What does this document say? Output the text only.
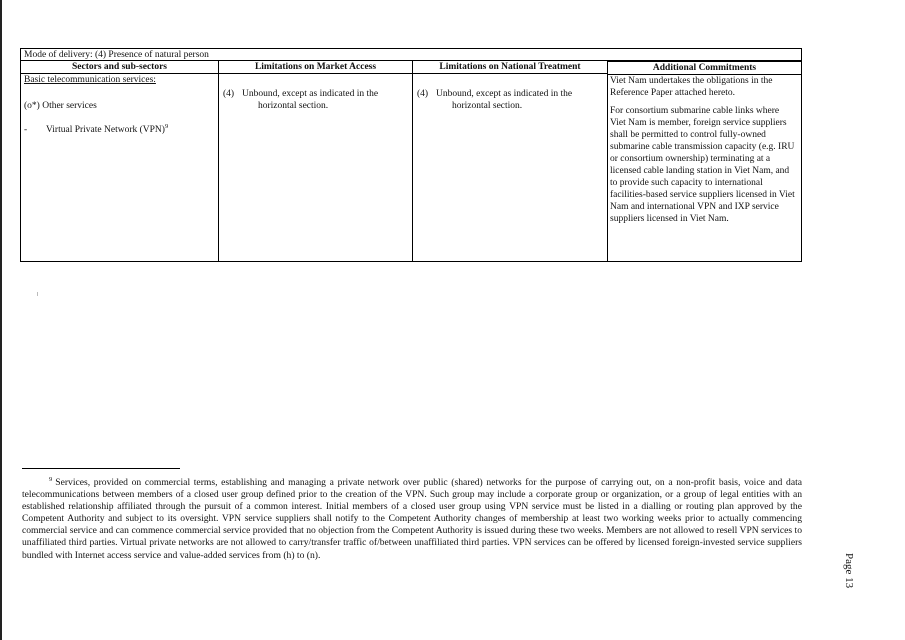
Mode of delivery: (4) Presence of natural person
Sectors and sub-sectors
Basic telecommunication services:
(o*) Other services
- Virtual Private Network (VPN)$^9$
Limitations on Market Access
(4) Unbound, except as indicated in the
horizontal section.
Limitations on National Treatment
(4) Unbound, except as indicated in the
horizontal section.
Additional Commitments

Viet Nam undertakes the obligations in the Reference Paper attached hereto.

For consortium submarine cable links where Viet Nam is member, foreign service suppliers shall be permitted to control fully-owned submarine cable transmission capacity (e.g. IRU or consortium ownership) terminating at a licensed cable landing station in Viet Nam, and to provide such capacity to international facilities-based service suppliers licensed in Viet Nam and international VPN and IXP service suppliers licensed in Viet Nam.

$^9$ Services, provided on commercial terms, establishing and managing a private network over public (shared) networks for the purpose of carrying out, on a non-profit basis, voice and data telecommunications between members of a closed user group defined prior to the creation of the VPN. Such group may include a corporate group or organization, or a group of legal entities with an established relationship affiliated through the pursuit of a common interest. Initial members of a closed user group using VPN service must be listed in a dialling or routing plan approved by the Competent Authority and subject to its oversight. VPN service suppliers shall notify to the Competent Authority changes of membership at least two working weeks prior to actually commencing commercial service and can commence commercial service provided that no objection from the Competent Authority is issued during these two weeks. Members are not allowed to resell VPN services to unaffiliated third parties. Virtual private networks are not allowed to carry/transfer traffic of/between unaffiliated third parties. VPN services can be offered by licensed foreign-invested service suppliers bundled with Internet access service and value-added services from (h) to (n).	Page 13
